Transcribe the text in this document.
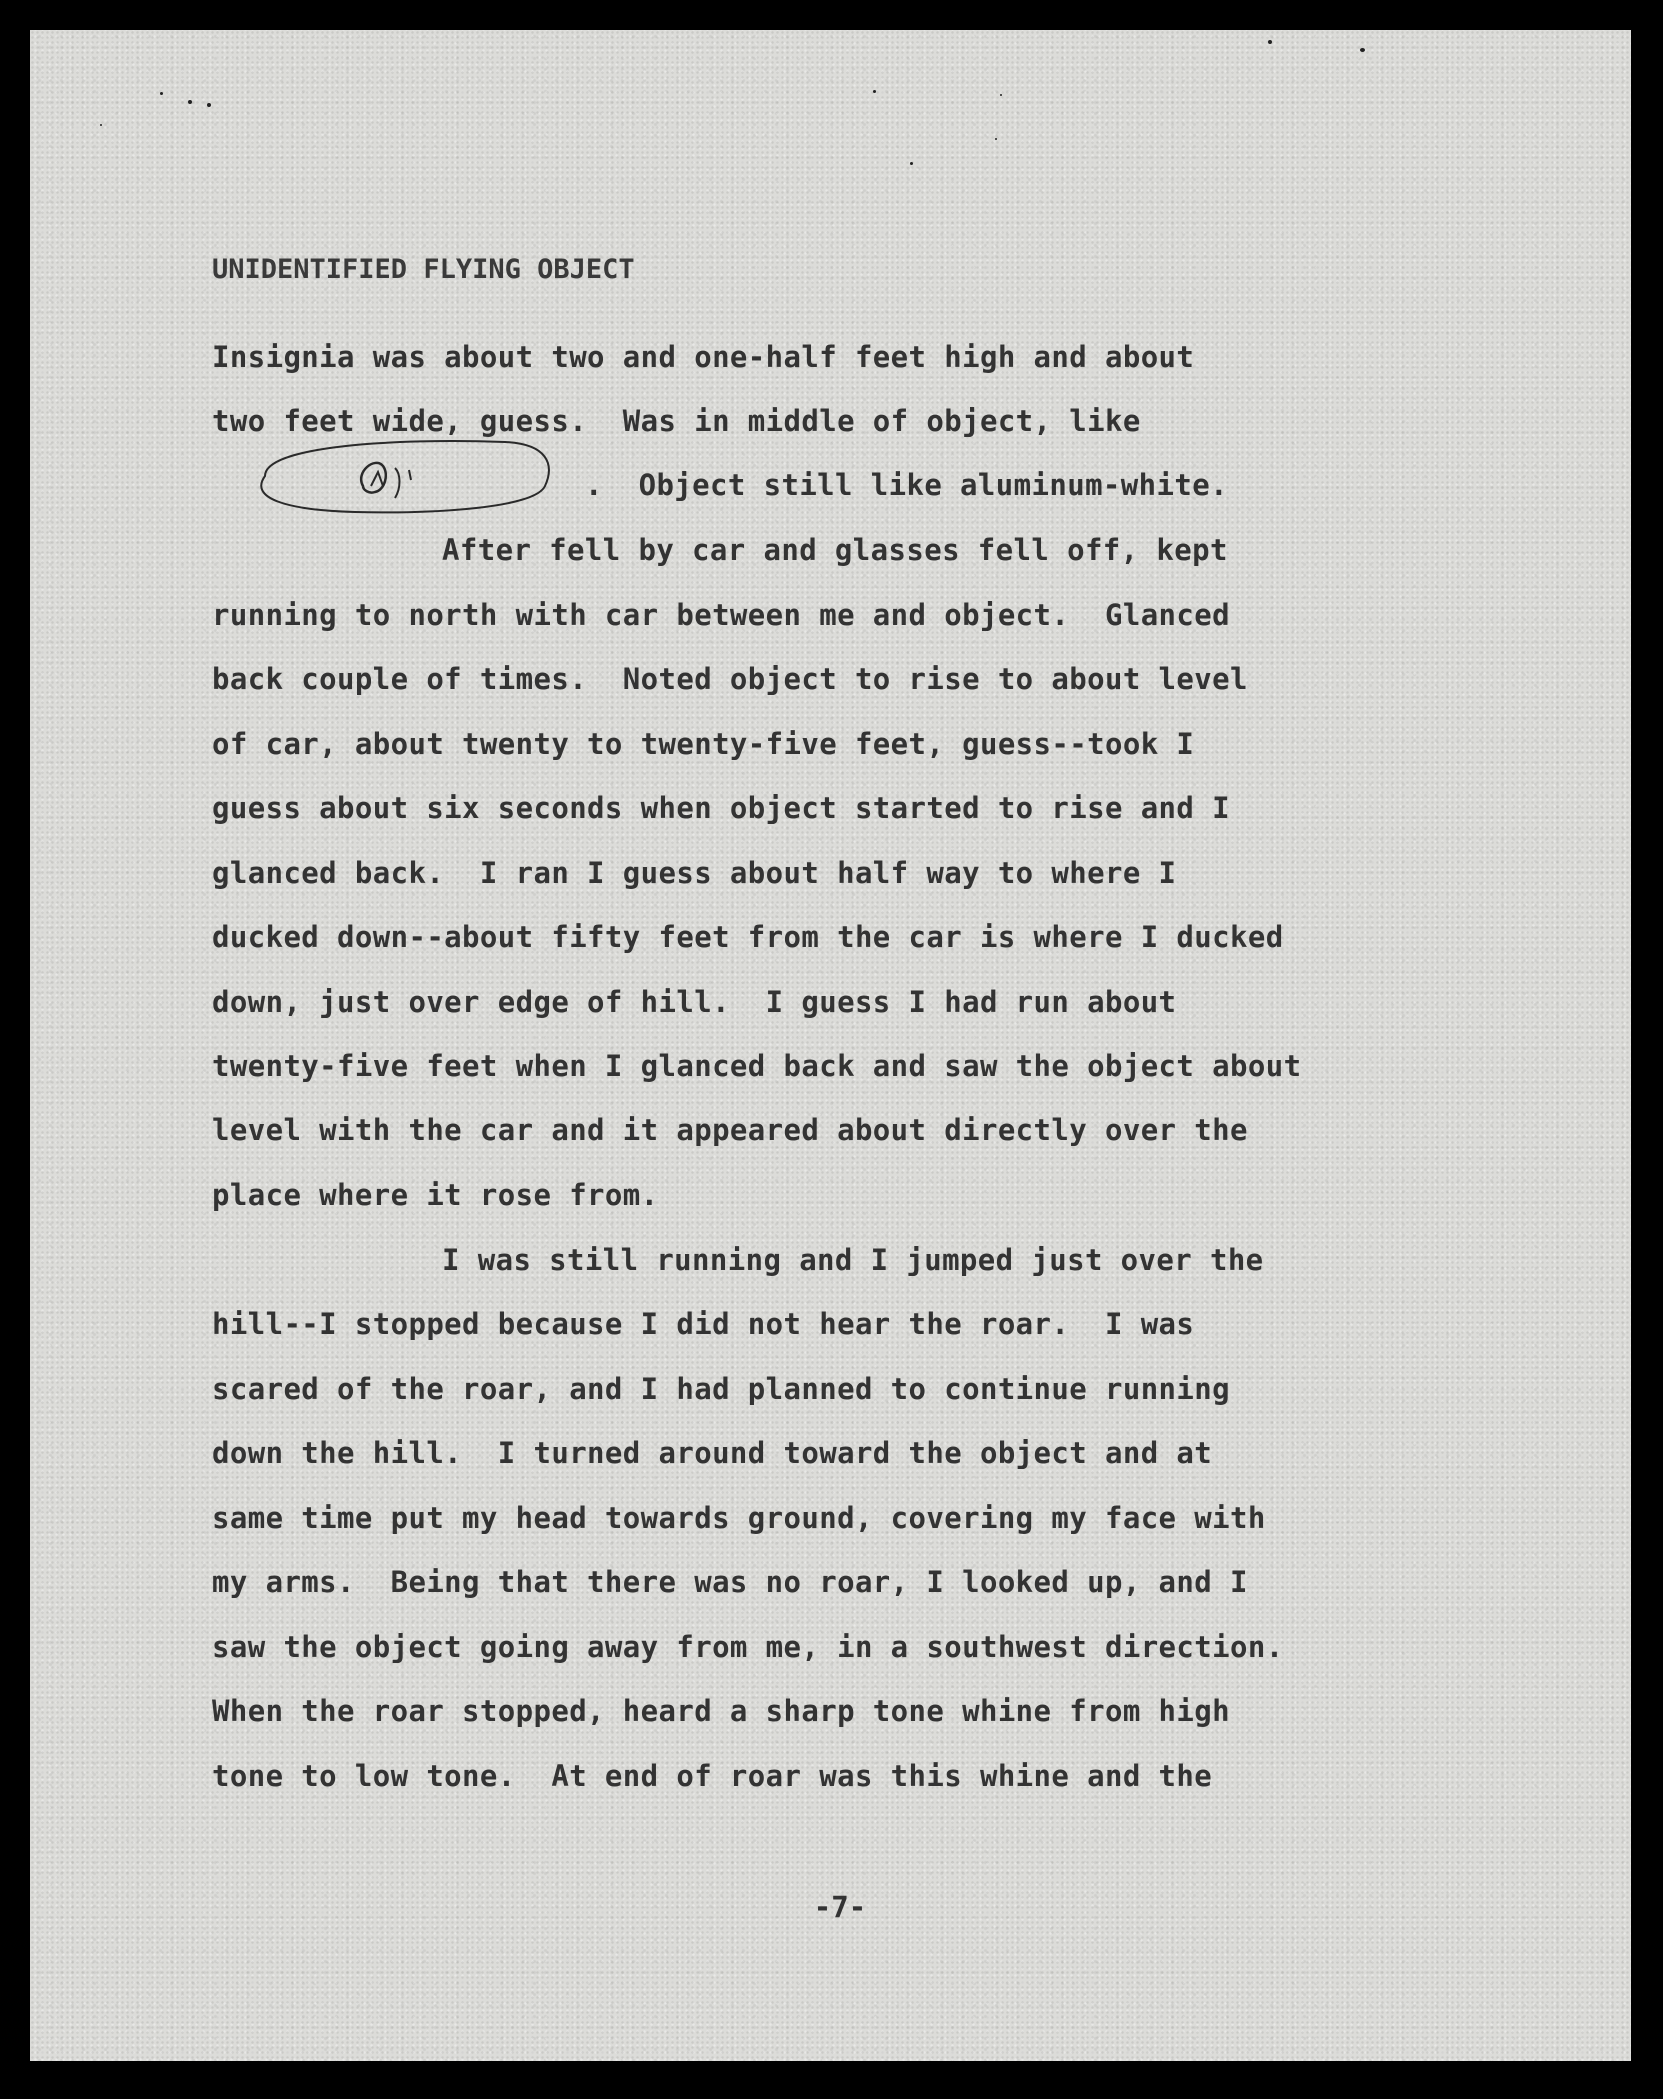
UNIDENTIFIED FLYING OBJECT
Insignia was about two and one-half feet high and about
two feet wide, guess.  Was in middle of object, like
.  Object still like aluminum-white.
After fell by car and glasses fell off, kept
running to north with car between me and object.  Glanced
back couple of times.  Noted object to rise to about level
of car, about twenty to twenty-five feet, guess--took I
guess about six seconds when object started to rise and I
glanced back.  I ran I guess about half way to where I
ducked down--about fifty feet from the car is where I ducked
down, just over edge of hill.  I guess I had run about
twenty-five feet when I glanced back and saw the object about
level with the car and it appeared about directly over the
place where it rose from.
I was still running and I jumped just over the
hill--I stopped because I did not hear the roar.  I was
scared of the roar, and I had planned to continue running
down the hill.  I turned around toward the object and at
same time put my head towards ground, covering my face with
my arms.  Being that there was no roar, I looked up, and I
saw the object going away from me, in a southwest direction.
When the roar stopped, heard a sharp tone whine from high
tone to low tone.  At end of roar was this whine and the
-7-
